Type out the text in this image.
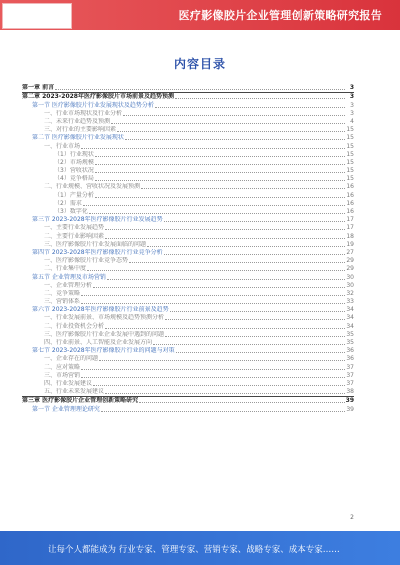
医疗影像胶片企业管理创新策略研究报告
内容目录
第一章 前言	3
第二章 2023-2028年医疗影像胶片市场前景及趋势预测	3
第一节 医疗影像胶片行业发展现状及趋势分析	3
一、行业市场现状及行业分析	3
二、未来行业趋势及预测	4
三、对行业的主要影响因素	15
第二节 医疗影像胶片行业发展现状	15
一、行业市场	15
（1）行业现状	15
（2）市场规模	15
（3）营收状况	15
（4）竞争格局	15
二、行业规模、营收状况及发展预测	16
（1）产量分析	16
（2）需求	16
（3）数字化	16
第三节 2023-2028年医疗影像胶片行业发展趋势	17
一、主要行业发展趋势	17
二、主要行业影响因素	18
三、医疗影像胶片行业发展面临的问题	19
第四节 2023-2028年医疗影像胶片行业竞争分析	27
一、医疗影像胶片行业竞争态势	29
二、行业集中度	29
第五节 企业管理及市场营销	30
一、企业管理分析	30
二、竞争策略	32
三、营销体系	33
第六节 2023-2028年医疗影像胶片行业前景及趋势	34
一、行业发展前景、市场规模及趋势预测分析	34
二、行业投资机会分析	34
三、医疗影像胶片行业企业发展中遇到的问题	35
四、行业前景、人工智能及企业发展方向	35
第七节 2023-2028年医疗影像胶片行业的问题与对策	36
一、企业存在的问题	36
二、应对策略	37
三、市场营销	37
四、行业发展建议	37
五、行业未来发展建议	38
第三章 医疗影像胶片企业管理创新策略研究	39
第一节 企业管理理论研究	39
2
让每个人都能成为 行业专家、管理专家、营销专家、战略专家、成本专家……
